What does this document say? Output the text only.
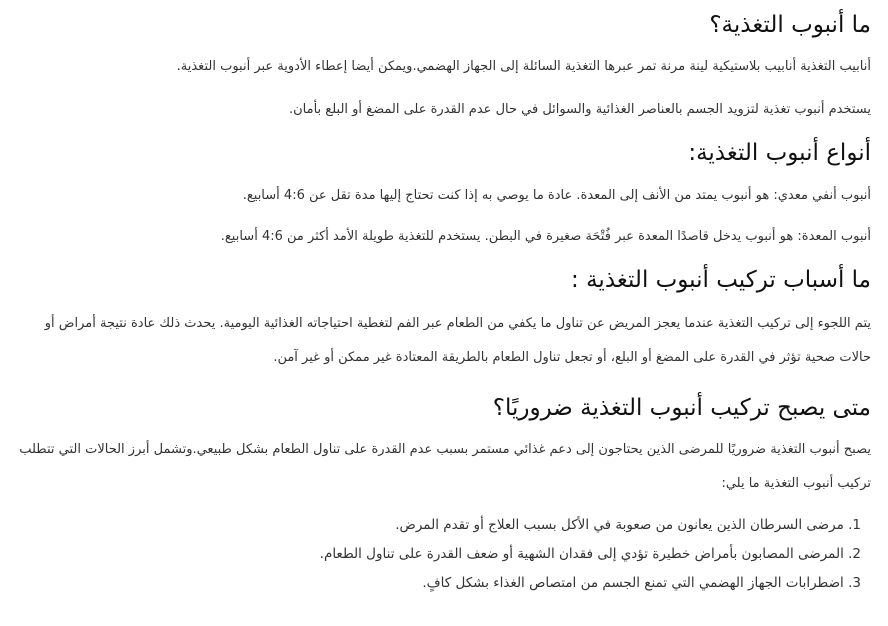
ما أنبوب التغذية؟

أنابيب التغذية أنابيب بلاستيكية لينة مرنة تمر عبرها التغذية السائلة إلى الجهاز الهضمي.ويمكن أيضا إعطاء الأدوية عبر أنبوب التغذية.

يستخدم أنبوب تغذية لتزويد الجسم بالعناصر الغذائية والسوائل في حال عدم القدرة على المضغ أو البلع بأمان.

أنواع أنبوب التغذية:

أنبوب أنفي معدي: هو أنبوب يمتد من الأنف إلى المعدة. عادة ما يوصي به إذا كنت تحتاج إليها مدة تقل عن 4:6 أسابيع.

أنبوب المعدة: هو أنبوب يدخل قاصدًا المعدة عبر فُتْحَة صغيرة في البطن. يستخدم للتغذية طويلة الأمد أكثر من 4:6 أسابيع.

ما أسباب تركيب أنبوب التغذية :

يتم اللجوء إلى تركيب التغذية عندما يعجز المريض عن تناول ما يكفي من الطعام عبر الفم لتغطية احتياجاته الغذائية اليومية. يحدث ذلك عادة نتيجة أمراض أو حالات صحية تؤثر في القدرة على المضغ أو البلع، أو تجعل تناول الطعام بالطريقة المعتادة غير ممكن أو غير آمن.

متى يصبح تركيب أنبوب التغذية ضروريًا؟

يصبح أنبوب التغذية ضروريًا للمرضى الذين يحتاجون إلى دعم غذائي مستمر بسبب عدم القدرة على تناول الطعام بشكل طبيعي.وتشمل أبرز الحالات التي تتطلب تركيب أنبوب التغذية ما يلي:

1. مرضى السرطان الذين يعانون من صعوبة في الأكل بسبب العلاج أو تقدم المرض.
2. المرضى المصابون بأمراض خطيرة تؤدي إلى فقدان الشهية أو ضعف القدرة على تناول الطعام.
3. اضطرابات الجهاز الهضمي التي تمنع الجسم من امتصاص الغذاء بشكل كافٍ.
